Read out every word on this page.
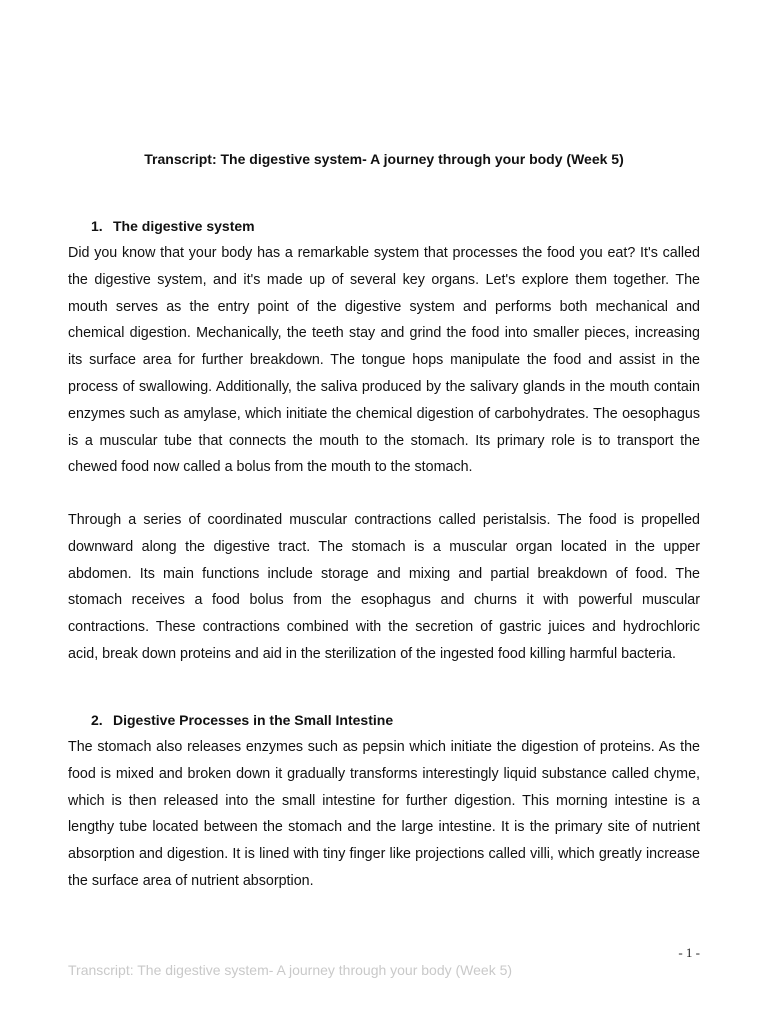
Transcript: The digestive system- A journey through your body (Week 5)
1. The digestive system

Did you know that your body has a remarkable system that processes the food you eat? It's called the digestive system, and it's made up of several key organs. Let's explore them together. The mouth serves as the entry point of the digestive system and performs both mechanical and chemical digestion. Mechanically, the teeth stay and grind the food into smaller pieces, increasing its surface area for further breakdown. The tongue hops manipulate the food and assist in the process of swallowing. Additionally, the saliva produced by the salivary glands in the mouth contain enzymes such as amylase, which initiate the chemical digestion of carbohydrates. The oesophagus is a muscular tube that connects the mouth to the stomach. Its primary role is to transport the chewed food now called a bolus from the mouth to the stomach.

Through a series of coordinated muscular contractions called peristalsis. The food is propelled downward along the digestive tract. The stomach is a muscular organ located in the upper abdomen. Its main functions include storage and mixing and partial breakdown of food. The stomach receives a food bolus from the esophagus and churns it with powerful muscular contractions. These contractions combined with the secretion of gastric juices and hydrochloric acid, break down proteins and aid in the sterilization of the ingested food killing harmful bacteria.

2. Digestive Processes in the Small Intestine

The stomach also releases enzymes such as pepsin which initiate the digestion of proteins. As the food is mixed and broken down it gradually transforms interestingly liquid substance called chyme, which is then released into the small intestine for further digestion. This morning intestine is a lengthy tube located between the stomach and the large intestine. It is the primary site of nutrient absorption and digestion. It is lined with tiny finger like projections called villi, which greatly increase the surface area of nutrient absorption.

- 1 -
Transcript: The digestive system- A journey through your body (Week 5)
